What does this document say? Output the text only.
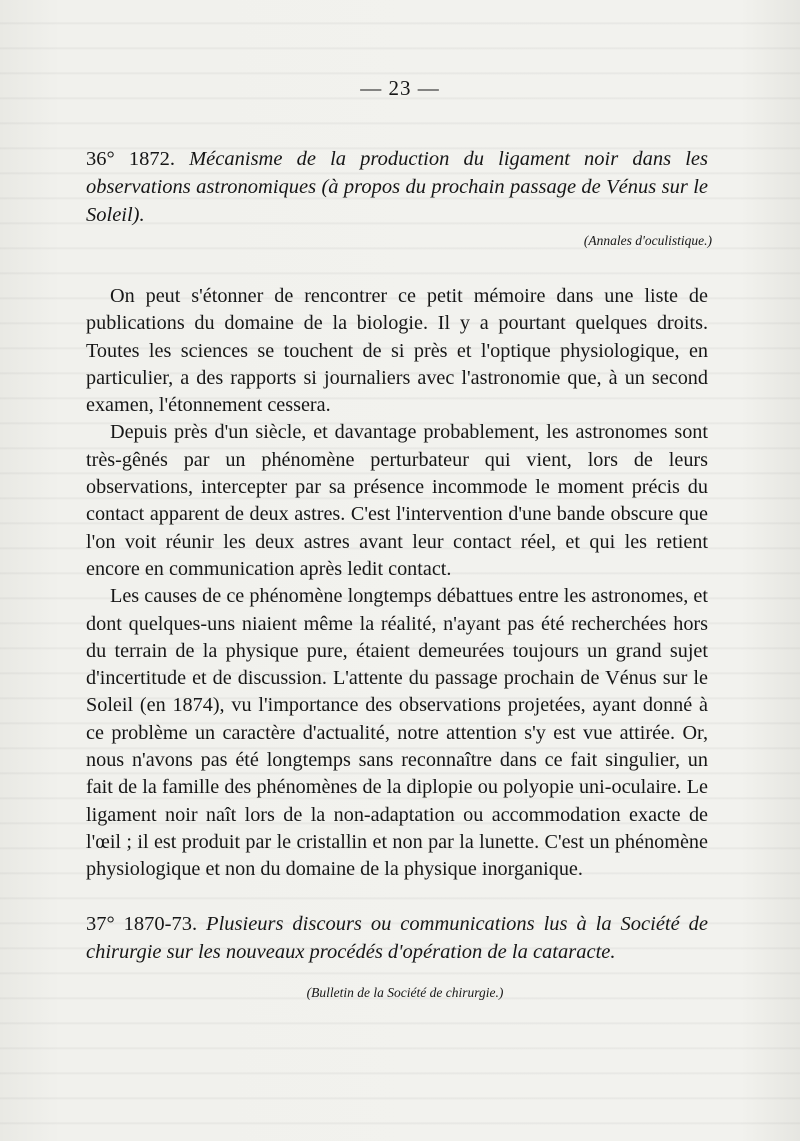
— 23 —
36° 1872. Mécanisme de la production du ligament noir dans les observations astronomiques (à propos du prochain passage de Vénus sur le Soleil).
(Annales d'oculistique.)

On peut s'étonner de rencontrer ce petit mémoire dans une liste de publications du domaine de la biologie. Il y a pourtant quelques droits. Toutes les sciences se touchent de si près et l'optique physiologique, en particulier, a des rapports si journaliers avec l'astronomie que, à un second examen, l'étonnement cessera.

Depuis près d'un siècle, et davantage probablement, les astronomes sont très-gênés par un phénomène perturbateur qui vient, lors de leurs observations, intercepter par sa présence incommode le moment précis du contact apparent de deux astres. C'est l'intervention d'une bande obscure que l'on voit réunir les deux astres avant leur contact réel, et qui les retient encore en communication après ledit contact.

Les causes de ce phénomène longtemps débattues entre les astronomes, et dont quelques-uns niaient même la réalité, n'ayant pas été recherchées hors du terrain de la physique pure, étaient demeurées toujours un grand sujet d'incertitude et de discussion. L'attente du passage prochain de Vénus sur le Soleil (en 1874), vu l'importance des observations projetées, ayant donné à ce problème un caractère d'actualité, notre attention s'y est vue attirée. Or, nous n'avons pas été longtemps sans reconnaître dans ce fait singulier, un fait de la famille des phénomènes de la diplopie ou polyopie uni-oculaire. Le ligament noir naît lors de la non-adaptation ou accommodation exacte de l'œil ; il est produit par le cristallin et non par la lunette. C'est un phénomène physiologique et non du domaine de la physique inorganique.

37° 1870-73. Plusieurs discours ou communications lus à la Société de chirurgie sur les nouveaux procédés d'opération de la cataracte.
(Bulletin de la Société de chirurgie.)
